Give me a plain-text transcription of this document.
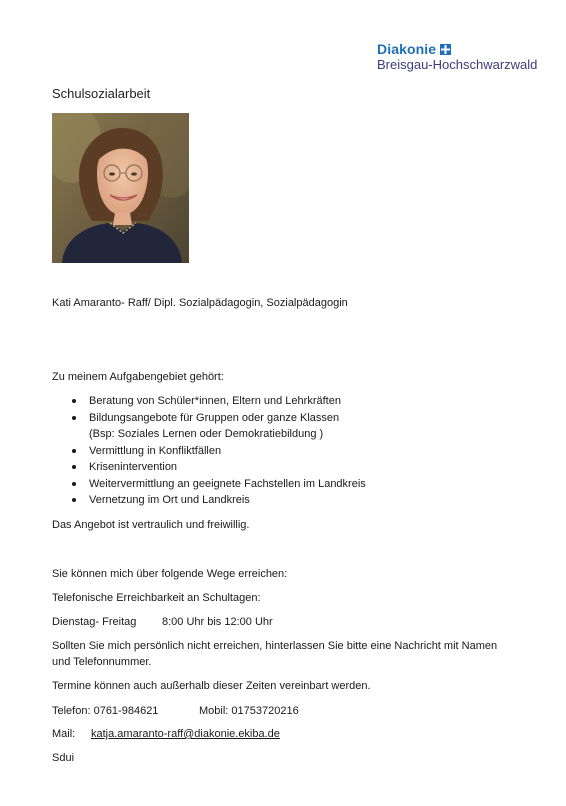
Diakonie
Breisgau-Hochschwarzwald
Schulsozialarbeit
Kati Amaranto- Raff/ Dipl. Sozialpädagogin, Sozialpädagogin
Zu meinem Aufgabengebiet gehört:
Beratung von Schüler*innen, Eltern und Lehrkräften
Bildungsangebote für Gruppen oder ganze Klassen
(Bsp: Soziales Lernen oder Demokratiebildung )
Vermittlung in Konfliktfällen
Krisenintervention
Weitervermittlung an geeignete Fachstellen im Landkreis
Vernetzung im Ort und Landkreis
Das Angebot ist vertraulich und freiwillig.
Sie können mich über folgende Wege erreichen:
Telefonische Erreichbarkeit an Schultagen:
Dienstag- Freitag 8:00 Uhr bis 12:00 Uhr
Sollten Sie mich persönlich nicht erreichen, hinterlassen Sie bitte eine Nachricht mit Namen
und Telefonnummer.
Termine können auch außerhalb dieser Zeiten vereinbart werden.
Telefon: 0761-984621	Mobil: 01753720216
Mail: katja.amaranto-raff@diakonie.ekiba.de
Sdui
